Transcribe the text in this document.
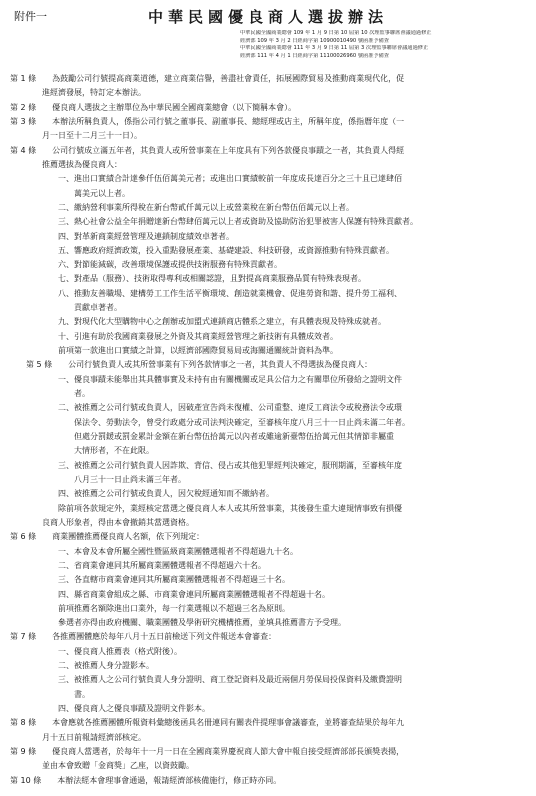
附件一	中華民國優良商人選拔辦法
中華民國全國商業總會 109 年 1 月 9 日第 10 屆第 10 次理監事聯席會議通過修正
經濟部 109 年 3 月 2 日經商字第 10900010490 號函准予備查
中華民國全國商業總會 111 年 3 月 9 日第 11 屆第 3 次理監事聯席會議通過修正
經濟部 111 年 4 月 1 日經商字第 11100026960 號函准予備查
第 1 條　　為鼓勵公司行號提高商業道德，建立商業信譽，善盡社會責任，拓展國際貿易及推動商業現代化，促
　　　　進經濟發展，特訂定本辦法。
第 2 條　　優良商人選拔之主辦單位為中華民國全國商業總會（以下簡稱本會）。
第 3 條　　本辦法所稱負責人，係指公司行號之董事長、副董事長、總經理或店主，所稱年度，係指曆年度（一
　　　　月一日至十二月三十一日）。
第 4 條　　公司行號成立滿五年者，其負責人或所營事業在上年度具有下列各款優良事蹟之一者，其負責人得經
　　　　推薦選拔為優良商人：
　　　　　　一、進出口實績合計達參仟伍佰萬美元者；或進出口實績較前一年度成長達百分之三十且已達肆佰
　　　　　　　　萬美元以上者。
　　　　　　二、繳納營利事業所得稅在新台幣貳仟萬元以上或營業稅在新台幣伍佰萬元以上者。
　　　　　　三、熱心社會公益全年捐贈達新台幣肆佰萬元以上者或資助及協助防治犯罪被害人保護有特殊貢獻者。
　　　　　　四、對革新商業經營管理及連鎖制度績效卓著者。
　　　　　　五、響應政府經濟政策，投入重點發展產業、基礎建設、科技研發，或資源推動有特殊貢獻者。
　　　　　　六、對節能減碳，改善環境保護或提供技術服務有特殊貢獻者。
　　　　　　七、對產品（服務）、技術取得專利或相關認證，且對提高商業服務品質有特殊表現者。
　　　　　　八、推動友善職場、建構勞工工作生活平衡環境、創造就業機會、促進勞資和諧、提升勞工福利、
　　　　　　　　貢獻卓著者。
　　　　　　九、對現代化大型購物中心之創辦或加盟式連鎖商店體系之建立，有具體表現及特殊成就者。
　　　　　　十、引進有助於我國商業發展之外資及其商業經營管理之新技術有具體成效者。
　　　　　　前項第一款進出口實績之計算，以經濟部國際貿易局或海關通關統計資料為準。
　　第 5 條　　公司行號負責人或其所營事業有下列各款情事之一者，其負責人不得選拔為優良商人：
　　　　　　一、優良事蹟未能舉出其具體事實及未持有由有關機關或足具公信力之有關單位所發給之證明文件
　　　　　　　　者。
　　　　　　二、被推薦之公司行號或負責人，因破產宣告尚未復權、公司重整、違反工商法令或稅務法令或環
　　　　　　　　保法令、勞動法令，曾受行政處分或司法判決確定，至審核年度八月三十一日止尚未滿二年者。
　　　　　　　　但處分罰鍰或罰金累計金額在新台幣伍拾萬元以內者或雖逾新臺幣伍拾萬元但其情節非屬重
　　　　　　　　大情形者，不在此限。
　　　　　　三、被推薦之公司行號負責人因詐欺、背信、侵占或其他犯罪經判決確定，服刑期滿，至審核年度
　　　　　　　　八月三十一日止尚未滿三年者。
　　　　　　四、被推薦之公司行號或負責人，因欠稅經通知而不繳納者。
　　　　　　除前項各款規定外，業經核定當選之優良商人本人或其所營事業，其後發生重大違規情事致有損優
　　　　良商人形象者，得由本會撤銷其當選資格。
第 6 條　　商業團體推薦優良商人名額，依下列規定：
　　　　　　一、本會及本會所屬全國性暨區級商業團體選報者不得超過九十名。
　　　　　　二、省商業會連同其所屬商業團體選報者不得超過六十名。
　　　　　　三、各直轄市商業會連同其所屬商業團體選報者不得超過三十名。
　　　　　　四、縣省商業會組成之縣、市商業會連同所屬商業團體選報者不得超過十名。
　　　　　　前項推薦名額除進出口業外，每一行業選報以不超過三名為原則。
　　　　　　參選者亦得由政府機關、職業團體及學術研究機構推薦，並填具推薦書方予受理。
第 7 條　　各推薦團體應於每年八月十五日前檢送下列文件報送本會審查：
　　　　　　一、優良商人推薦表（格式附後）。
　　　　　　二、被推薦人身分證影本。
　　　　　　三、被推薦人之公司行號負責人身分證明、商工登記資料及最近兩個月勞保局投保資料及繳費證明
　　　　　　　　書。
　　　　　　四、優良商人之優良事蹟及證明文件影本。
第 8 條　　本會應就各推薦團體所報資料彙總後函具名冊連同有關表件提理事會議審查，並將審查結果於每年九
　　　　月十五日前報請經濟部核定。
第 9 條　　優良商人當選者，於每年十一月一日在全國商業界慶祝商人節大會中報自接受經濟部部長頒獎表揚，
　　　　並由本會致贈「金商獎」乙座，以資鼓勵。
第 10 條　　本辦法經本會理事會通過，報請經濟部核備施行，修正時亦同。
